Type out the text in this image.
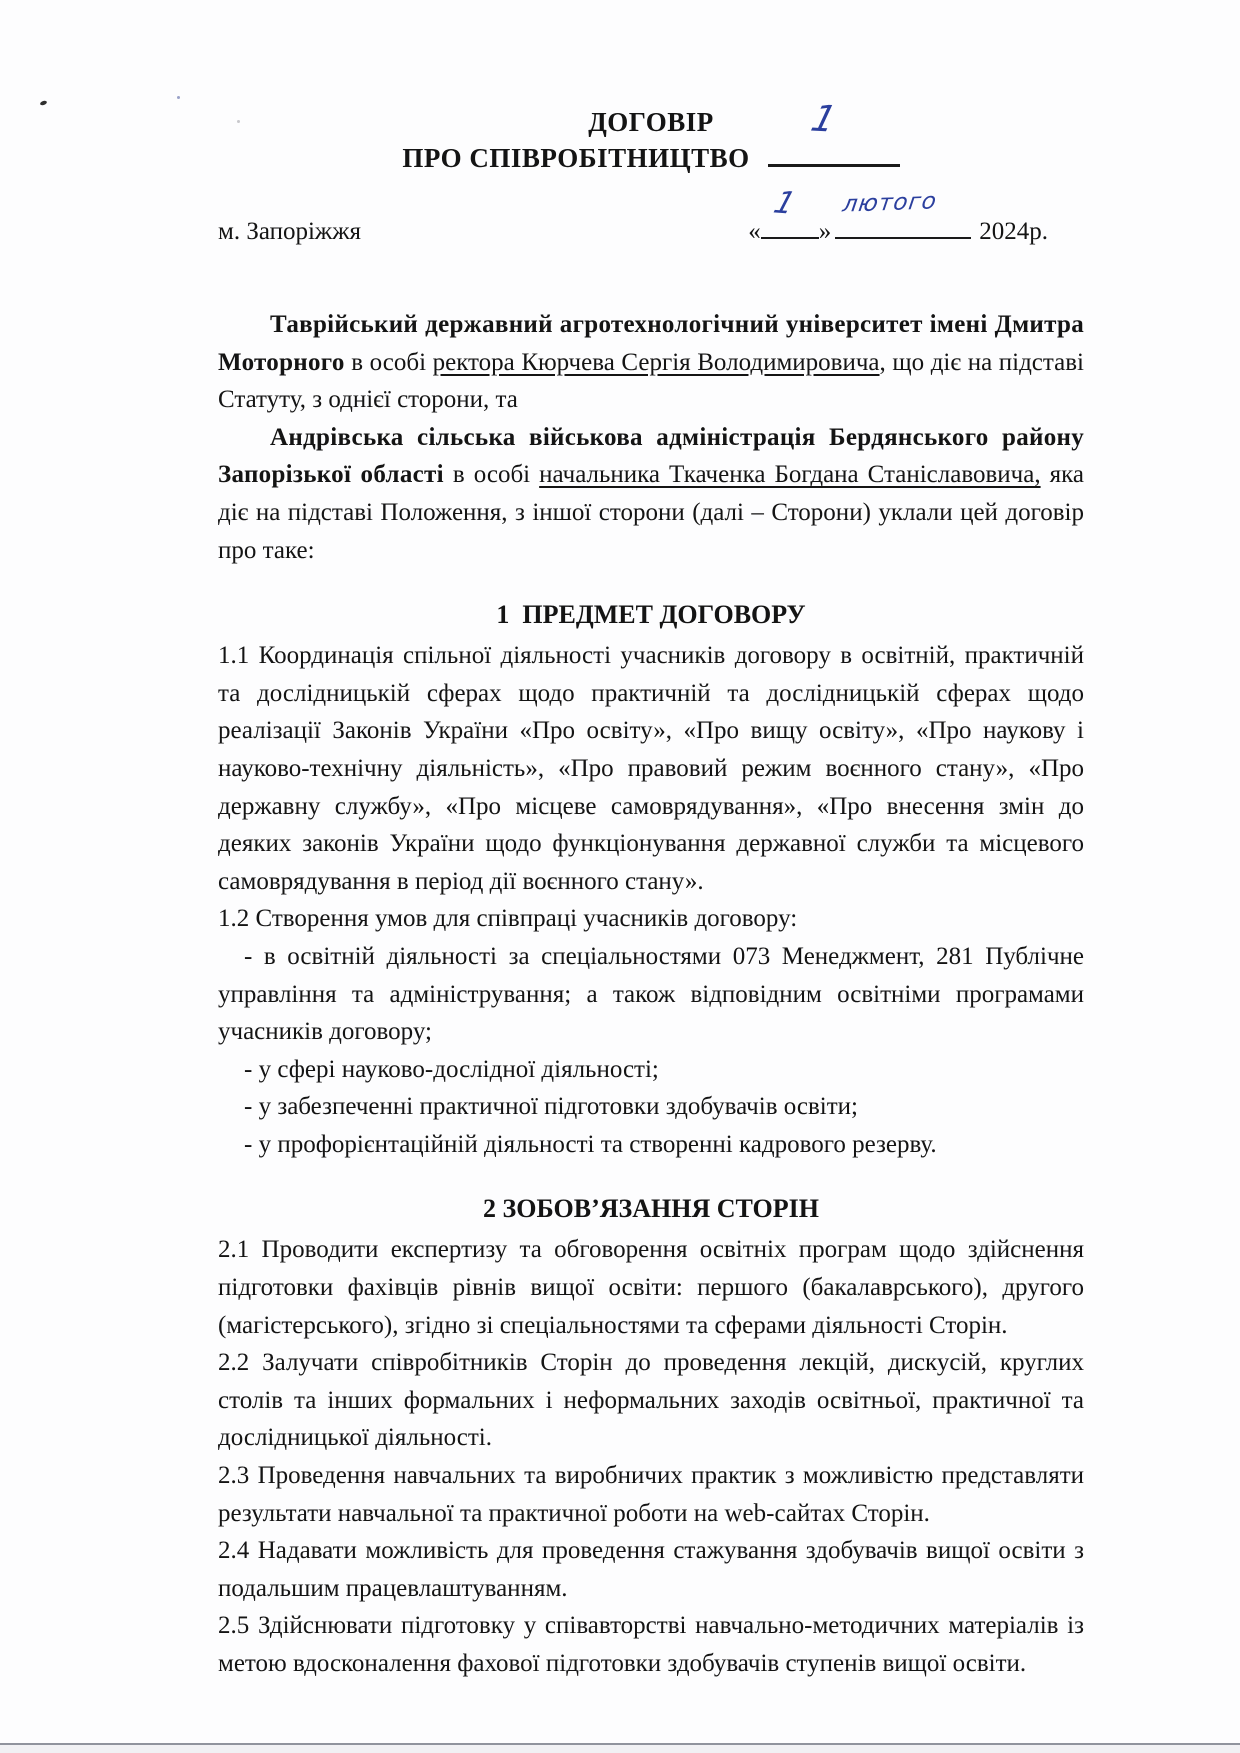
ДОГОВІР
ПРО СПІВРОБІТНИЦТВО
1
м. Запоріжжя	«
1
»
лютого
2024р.

Таврійський державний агротехнологічний університет імені Дмитра Моторного в особі ректора Кюрчева Сергія Володимировича, що діє на підставі Статуту, з однієї сторони, та

Андрівська сільська військова адміністрація Бердянського району Запорізької області в особі начальника Ткаченка Богдана Станіславовича, яка діє на підставі Положення, з іншої сторони (далі – Сторони) уклали цей договір про таке:

1  ПРЕДМЕТ ДОГОВОРУ

1.1 Координація спільної діяльності учасників договору в освітній, практичній та дослідницькій сферах щодо практичній та дослідницькій сферах щодо реалізації Законів України «Про освіту», «Про вищу освіту», «Про наукову і науково-технічну діяльність», «Про правовий режим воєнного стану», «Про державну службу», «Про місцеве самоврядування», «Про внесення змін до деяких законів України щодо функціонування державної служби та місцевого самоврядування в період дії воєнного стану».

1.2 Створення умов для співпраці учасників договору:

- в освітній діяльності за спеціальностями 073 Менеджмент, 281 Публічне управління та адміністрування; а також відповідним освітніми програмами учасників договору;

- у сфері науково-дослідної діяльності;

- у забезпеченні практичної підготовки здобувачів освіти;

- у профорієнтаційній діяльності та створенні кадрового резерву.

2 ЗОБОВ’ЯЗАННЯ СТОРІН

2.1 Проводити експертизу та обговорення освітніх програм щодо здійснення підготовки фахівців рівнів вищої освіти: першого (бакалаврського), другого (магістерського), згідно зі спеціальностями та сферами діяльності Сторін.

2.2 Залучати співробітників Сторін до проведення лекцій, дискусій, круглих столів та інших формальних і неформальних заходів освітньої, практичної та дослідницької діяльності.

2.3 Проведення навчальних та виробничих практик з можливістю представляти результати навчальної та практичної роботи на web-сайтах Сторін.

2.4 Надавати можливість для проведення стажування здобувачів вищої освіти з подальшим працевлаштуванням.

2.5 Здійснювати підготовку у співавторстві навчально-методичних матеріалів із метою вдосконалення фахової підготовки здобувачів ступенів вищої освіти.
